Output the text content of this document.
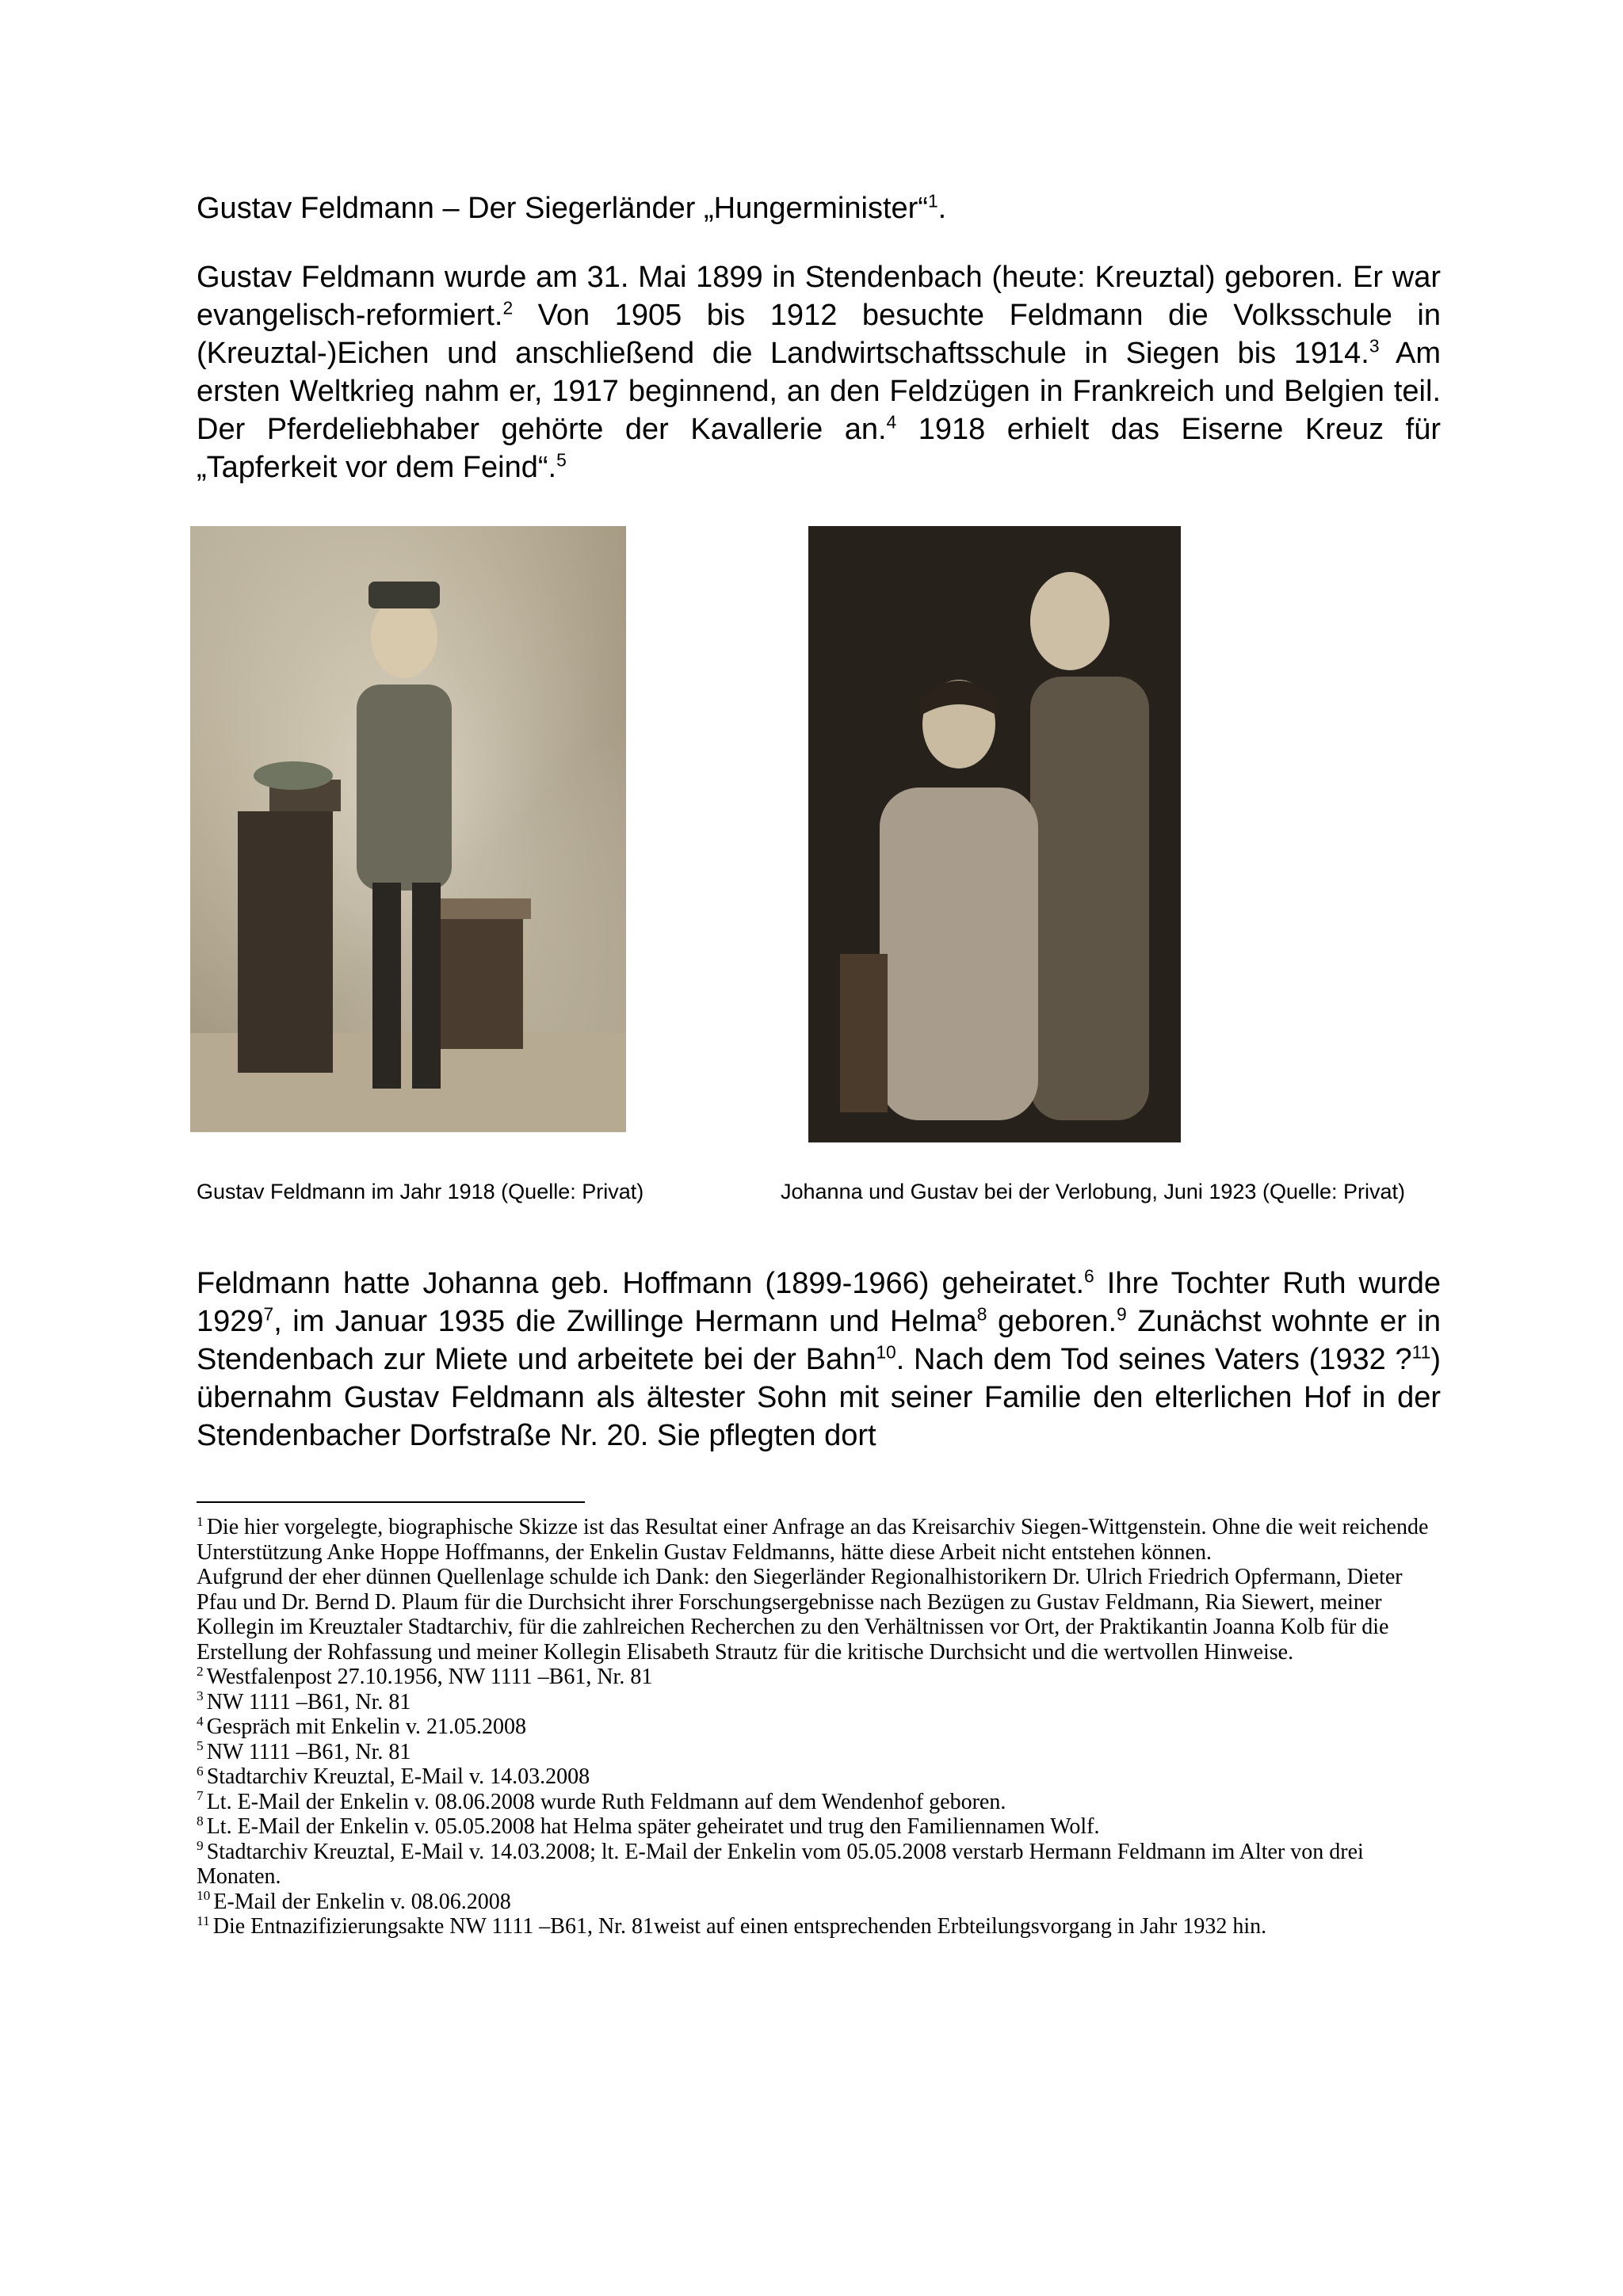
Gustav Feldmann – Der Siegerländer „Hungerminister“$^1$.
Gustav Feldmann wurde am 31. Mai 1899 in Stendenbach (heute: Kreuztal) geboren. Er war evangelisch-reformiert.$^2$ Von 1905 bis 1912 besuchte Feldmann die Volksschule in (Kreuztal-)Eichen und anschließend die Landwirtschaftsschule in Siegen bis 1914.$^3$ Am ersten Weltkrieg nahm er, 1917 beginnend, an den Feldzügen in Frankreich und Belgien teil. Der Pferdeliebhaber gehörte der Kavallerie an.$^4$ 1918 erhielt das Eiserne Kreuz für „Tapferkeit vor dem Feind“.$^5$
Gustav Feldmann im Jahr 1918 (Quelle: Privat)	Johanna und Gustav bei der Verlobung, Juni 1923 (Quelle: Privat)
Feldmann hatte Johanna geb. Hoffmann (1899-1966) geheiratet.$^6$ Ihre Tochter Ruth wurde 1929$^7$, im Januar 1935 die Zwillinge Hermann und Helma$^8$ geboren.$^9$ Zunächst wohnte er in Stendenbach zur Miete und arbeitete bei der Bahn$^{10}$. Nach dem Tod seines Vaters (1932 ?$^{11}$) übernahm Gustav Feldmann als ältester Sohn mit seiner Familie den elterlichen Hof in der Stendenbacher Dorfstraße Nr. 20. Sie pflegten dort

$^1$ Die hier vorgelegte, biographische Skizze ist das Resultat einer Anfrage an das Kreisarchiv Siegen-Wittgenstein. Ohne die weit reichende Unterstützung Anke Hoppe Hoffmanns, der Enkelin Gustav Feldmanns, hätte diese Arbeit nicht entstehen können.

Aufgrund der eher dünnen Quellenlage schulde ich Dank: den Siegerländer Regionalhistorikern Dr. Ulrich Friedrich Opfermann, Dieter Pfau und Dr. Bernd D. Plaum für die Durchsicht ihrer Forschungsergebnisse nach Bezügen zu Gustav Feldmann, Ria Siewert, meiner Kollegin im Kreuztaler Stadtarchiv, für die zahlreichen Recherchen zu den Verhältnissen vor Ort, der Praktikantin Joanna Kolb für die Erstellung der Rohfassung und meiner Kollegin Elisabeth Strautz für die kritische Durchsicht und die wertvollen Hinweise.

$^2$ Westfalenpost 27.10.1956, NW 1111 –B61, Nr. 81

$^3$ NW 1111 –B61, Nr. 81

$^4$ Gespräch mit Enkelin v. 21.05.2008

$^5$ NW 1111 –B61, Nr. 81

$^6$ Stadtarchiv Kreuztal, E-Mail v. 14.03.2008

$^7$ Lt. E-Mail der Enkelin v. 08.06.2008 wurde Ruth Feldmann auf dem Wendenhof geboren.

$^8$ Lt. E-Mail der Enkelin v. 05.05.2008 hat Helma später geheiratet und trug den Familiennamen Wolf.

$^9$ Stadtarchiv Kreuztal, E-Mail v. 14.03.2008; lt. E-Mail der Enkelin vom 05.05.2008 verstarb Hermann Feldmann im Alter von drei Monaten.

$^{10}$ E-Mail der Enkelin v. 08.06.2008

$^{11}$ Die Entnazifizierungsakte NW 1111 –B61, Nr. 81weist auf einen entsprechenden Erbteilungsvorgang in Jahr 1932 hin.
